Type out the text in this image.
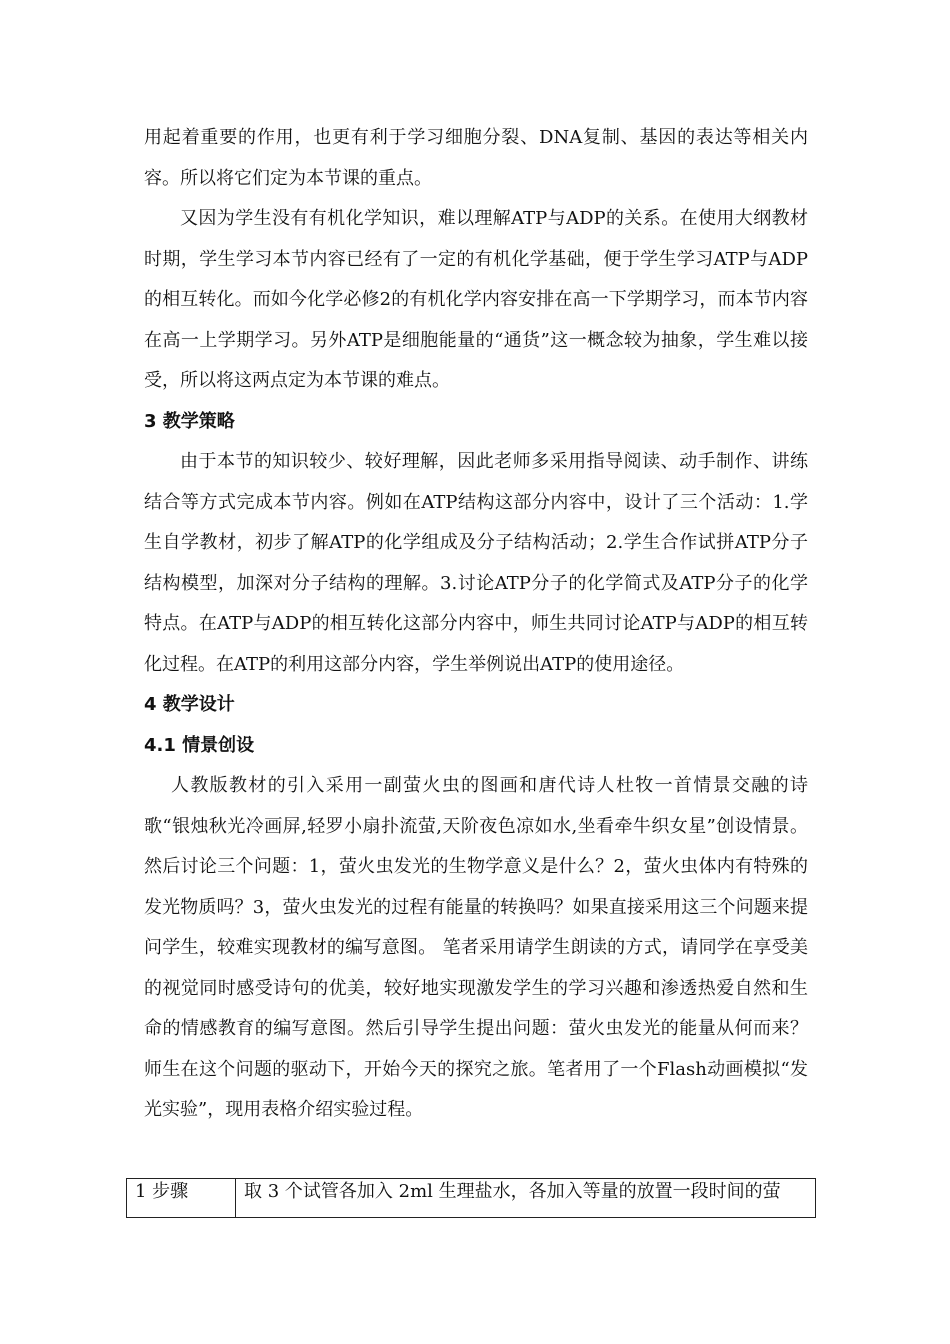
用起着重要的作用，也更有利于学习细胞分裂、DNA复制、基因的表达等相关内容。所以将它们定为本节课的重点。

又因为学生没有有机化学知识，难以理解ATP与ADP的关系。在使用大纲教材时期，学生学习本节内容已经有了一定的有机化学基础，便于学生学习ATP与ADP的相互转化。而如今化学必修2的有机化学内容安排在高一下学期学习，而本节内容在高一上学期学习。另外ATP是细胞能量的“通货”这一概念较为抽象，学生难以接受，所以将这两点定为本节课的难点。

3 教学策略

由于本节的知识较少、较好理解，因此老师多采用指导阅读、动手制作、讲练结合等方式完成本节内容。例如在ATP结构这部分内容中，设计了三个活动：1.学生自学教材，初步了解ATP的化学组成及分子结构活动；2.学生合作试拼ATP分子结构模型，加深对分子结构的理解。3.讨论ATP分子的化学简式及ATP分子的化学特点。在ATP与ADP的相互转化这部分内容中，师生共同讨论ATP与ADP的相互转化过程。在ATP的利用这部分内容，学生举例说出ATP的使用途径。

4 教学设计
4.1 情景创设

人教版教材的引入采用一副萤火虫的图画和唐代诗人杜牧一首情景交融的诗歌“银烛秋光冷画屏,轻罗小扇扑流萤,天阶夜色凉如水,坐看牵牛织女星”创设情景。然后讨论三个问题：1，萤火虫发光的生物学意义是什么？2，萤火虫体内有特殊的发光物质吗？3，萤火虫发光的过程有能量的转换吗？如果直接采用这三个问题来提问学生，较难实现教材的编写意图。 笔者采用请学生朗读的方式，请同学在享受美的视觉同时感受诗句的优美，较好地实现激发学生的学习兴趣和渗透热爱自然和生命的情感教育的编写意图。然后引导学生提出问题：萤火虫发光的能量从何而来？ 师生在这个问题的驱动下，开始今天的探究之旅。笔者用了一个Flash动画模拟“发光实验”，现用表格介绍实验过程。

1 步骤	取 3 个试管各加入 2ml 生理盐水，各加入等量的放置一段时间的萤
